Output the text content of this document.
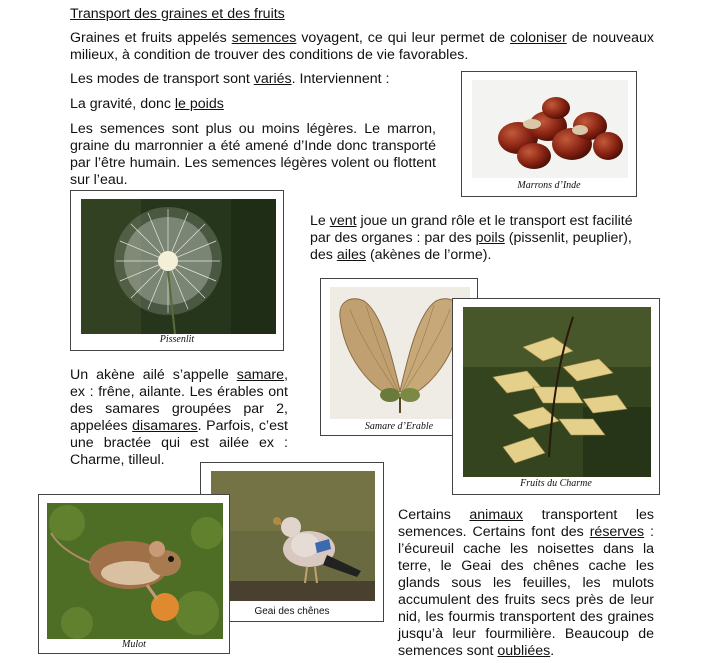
Transport des graines et des fruits

Graines et fruits appelés semences voyagent, ce qui leur permet de coloniser de nouveaux milieux, à condition de trouver des conditions de vie favorables.

Les modes de transport sont variés. Interviennent :

La gravité, donc le poids

Les semences sont plus ou moins légères. Le marron, graine du marronnier a été amené d’Inde donc transporté par l’être humain. Les semences légères volent ou flottent sur l’eau.	Marrons d’Inde
Pissenlit

Le vent joue un grand rôle et le transport est facilité par des organes : par des poils (pissenlit, peuplier), des ailes (akènes de l’orme).

Samare d’Erable
Fruits du Charme

Un akène ailé s’appelle samare, ex : frêne, ailante. Les érables ont des samares groupées par 2, appelées disamares. Parfois, c’est une bractée qui est ailée ex : Charme, tilleul.

Geai des chênes
Mulot

Certains animaux transportent les semences. Certains font des réserves : l’écureuil cache les noisettes dans la terre, le Geai des chênes cache les glands sous les feuilles, les mulots accumulent des fruits secs près de leur nid, les fourmis transportent des graines jusqu’à leur fourmilière. Beaucoup de semences sont oubliées.
